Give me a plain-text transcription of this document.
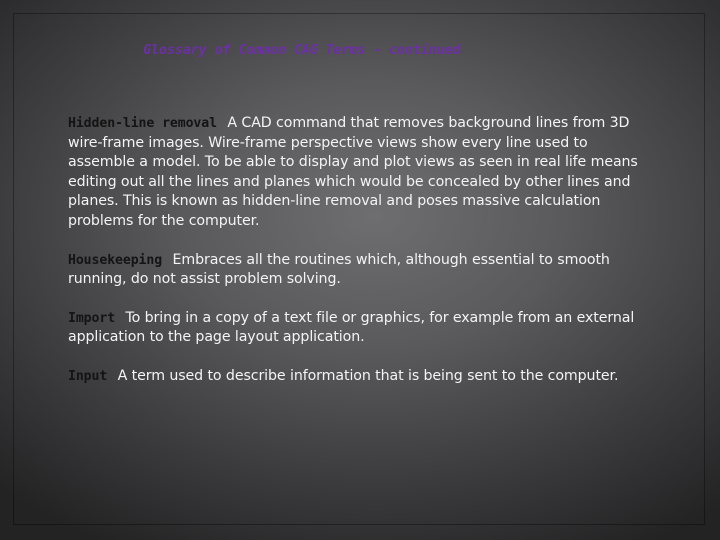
Glossary of Common CAG Terms - continued

Hidden-line removal A CAD command that removes background lines from 3D wire-frame images. Wire-frame perspective views show every line used to assemble a model. To be able to display and plot views as seen in real life means editing out all the lines and planes which would be concealed by other lines and planes. This is known as hidden-line removal and poses massive calculation problems for the computer.

Housekeeping Embraces all the routines which, although essential to smooth running, do not assist problem solving.

Import To bring in a copy of a text file or graphics, for example from an external application to the page layout application.

Input A term used to describe information that is being sent to the computer.
